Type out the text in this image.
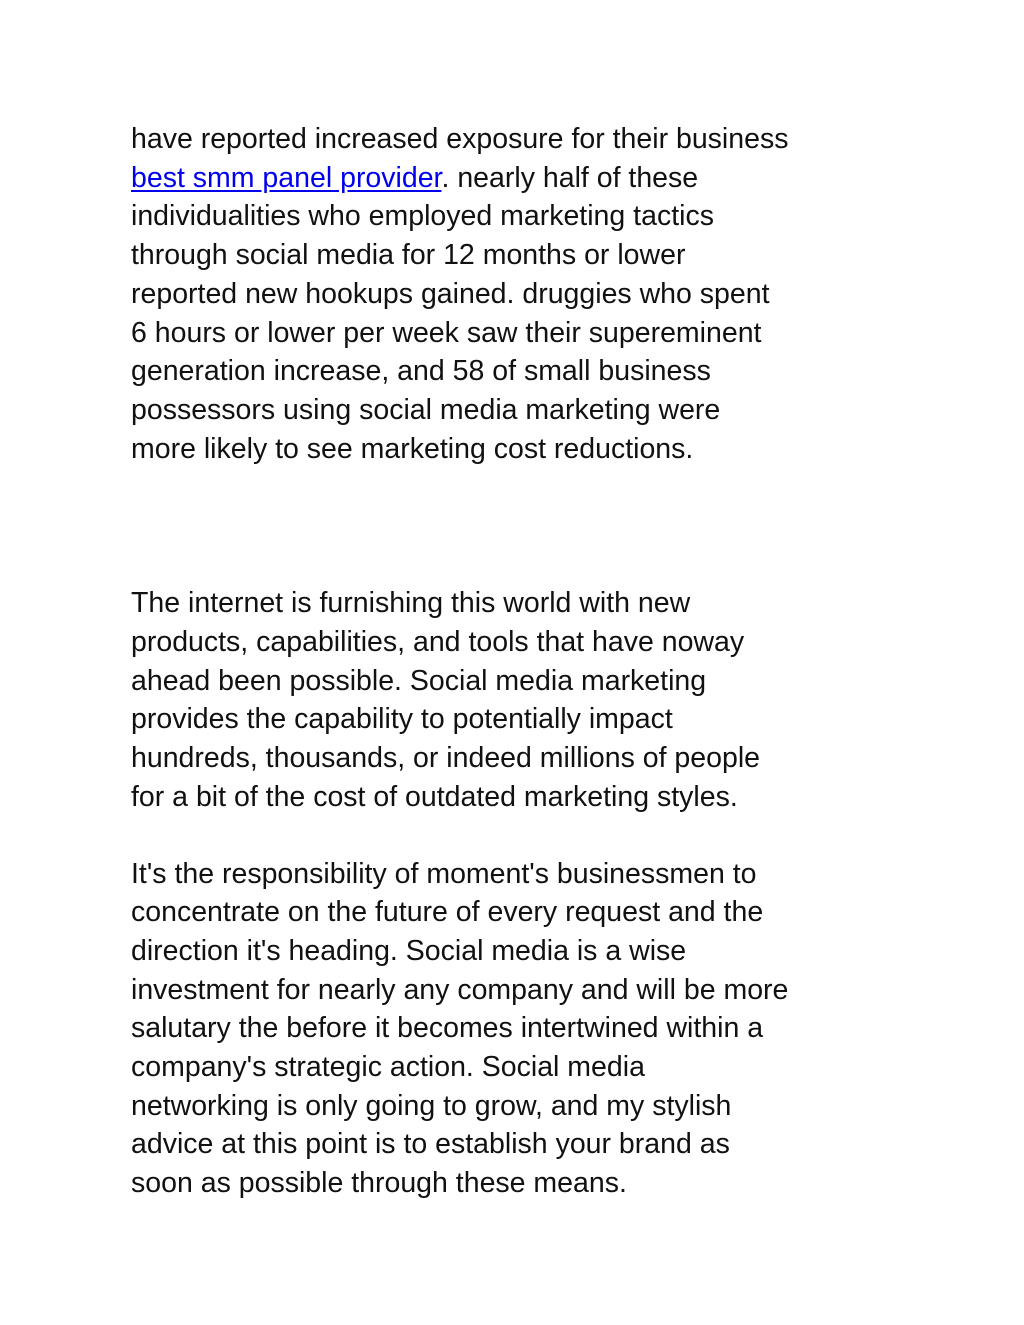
have reported increased exposure for their business
best smm panel provider. nearly half of these
individualities who employed marketing tactics
through social media for 12 months or lower
reported new hookups gained. druggies who spent
6 hours or lower per week saw their supereminent
generation increase, and 58 of small business
possessors using social media marketing were
more likely to see marketing cost reductions.

The internet is furnishing this world with new
products, capabilities, and tools that have noway
ahead been possible. Social media marketing
provides the capability to potentially impact
hundreds, thousands, or indeed millions of people
for a bit of the cost of outdated marketing styles.

It's the responsibility of moment's businessmen to
concentrate on the future of every request and the
direction it's heading. Social media is a wise
investment for nearly any company and will be more
salutary the before it becomes intertwined within a
company's strategic action. Social media
networking is only going to grow, and my stylish
advice at this point is to establish your brand as
soon as possible through these means.
